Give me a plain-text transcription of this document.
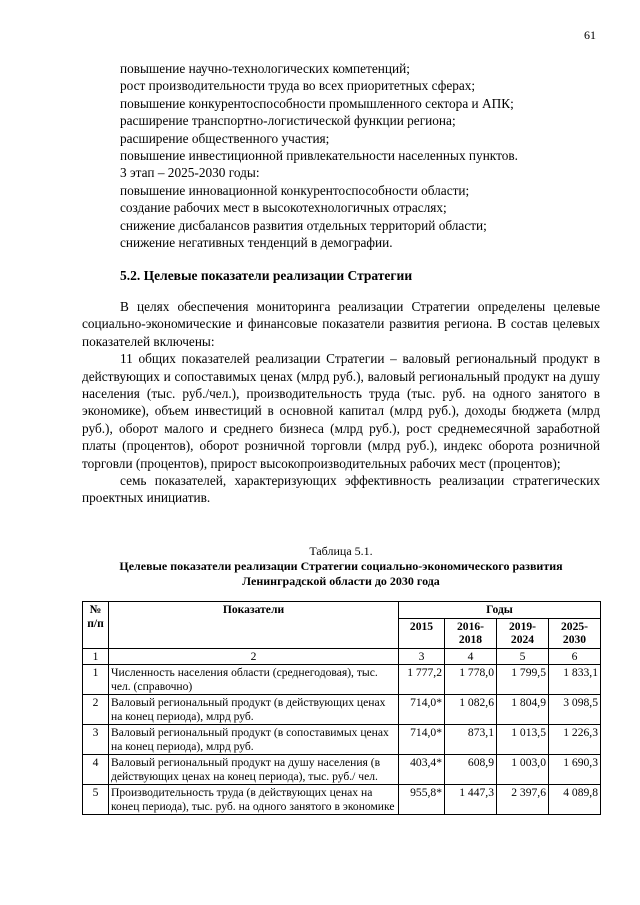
61
повышение научно-технологических компетенций;
рост производительности труда во всех приоритетных сферах;
повышение конкурентоспособности промышленного сектора и АПК;
расширение транспортно-логистической функции региона;
расширение общественного участия;
повышение инвестиционной привлекательности населенных пунктов.
3 этап – 2025-2030 годы:
повышение инновационной конкурентоспособности области;
создание рабочих мест в высокотехнологичных отраслях;
снижение дисбалансов развития отдельных территорий области;
снижение негативных тенденций в демографии.
5.2. Целевые показатели реализации Стратегии

В целях обеспечения мониторинга реализации Стратегии определены целевые социально-экономические и финансовые показатели развития региона. В состав целевых показателей включены:

11 общих показателей реализации Стратегии – валовый региональный продукт в действующих и сопоставимых ценах (млрд руб.), валовый региональный продукт на душу населения (тыс. руб./чел.), производительность труда (тыс. руб. на одного занятого в экономике), объем инвестиций в основной капитал (млрд руб.), доходы бюджета (млрд руб.), оборот малого и среднего бизнеса (млрд руб.), рост среднемесячной заработной платы (процентов), оборот розничной торговли (млрд руб.), индекс оборота розничной торговли (процентов), прирост высокопроизводительных рабочих мест (процентов);

семь показателей, характеризующих эффективность реализации стратегических проектных инициатив.

Таблица 5.1.
Целевые показатели реализации Стратегии социально-экономического развития Ленинградской области до 2030 года
№ п/п	Показатели	Годы			
		2015	2016-2018	2019-2024	2025-2030
1	2	3	4	5	6
1	Численность населения области (среднегодовая), тыс. чел. (справочно)	1 777,2	1 778,0	1 799,5	1 833,1
2	Валовый региональный продукт (в действующих ценах на конец периода), млрд руб.	714,0*	1 082,6	1 804,9	3 098,5
3	Валовый региональный продукт (в сопоставимых ценах на конец периода), млрд руб.	714,0*	873,1	1 013,5	1 226,3
4	Валовый региональный продукт на душу населения (в действующих ценах на конец периода), тыс. руб./ чел.	403,4*	608,9	1 003,0	1 690,3
5	Производительность труда (в действующих ценах на конец периода), тыс. руб. на одного занятого в экономике	955,8*	1 447,3	2 397,6	4 089,8
